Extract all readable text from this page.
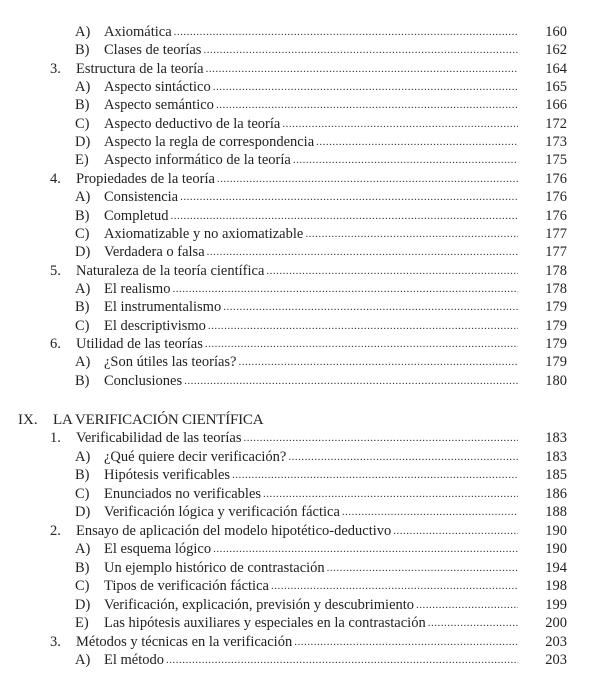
A) Axiomática .....	160
B) Clases de teorías .....	162
3. Estructura de la teoría .....	164
A) Aspecto sintáctico .....	165
B) Aspecto semántico .....	166
C) Aspecto deductivo de la teoría .....	172
D) Aspecto la regla de correspondencia .....	173
E) Aspecto informático de la teoría .....	175
4. Propiedades de la teoría .....	176
A) Consistencia .....	176
B) Completud .....	176
C) Axiomatizable y no axiomatizable .....	177
D) Verdadera o falsa .....	177
5. Naturaleza de la teoría científica .....	178
A) El realismo .....	178
B) El instrumentalismo .....	179
C) El descriptivismo .....	179
6. Utilidad de las teorías .....	179
A) ¿Son útiles las teorías? .....	179
B) Conclusiones .....	180
1. Verificabilidad de las teorías .....	183
A) ¿Qué quiere decir verificación? .....	183
B) Hipótesis verificables .....	185
C) Enunciados no verificables .....	186
D) Verificación lógica y verificación fáctica .....	188
2. Ensayo de aplicación del modelo hipotético-deductivo .....	190
A) El esquema lógico .....	190
B) Un ejemplo histórico de contrastación .....	194
C) Tipos de verificación fáctica .....	198
D) Verificación, explicación, previsión y descubrimiento .....	199
E) Las hipótesis auxiliares y especiales en la contrastación .....	200
3. Métodos y técnicas en la verificación .....	203
A) El método .....	203
IX. LA VERIFICACIÓN CIENTÍFICA
